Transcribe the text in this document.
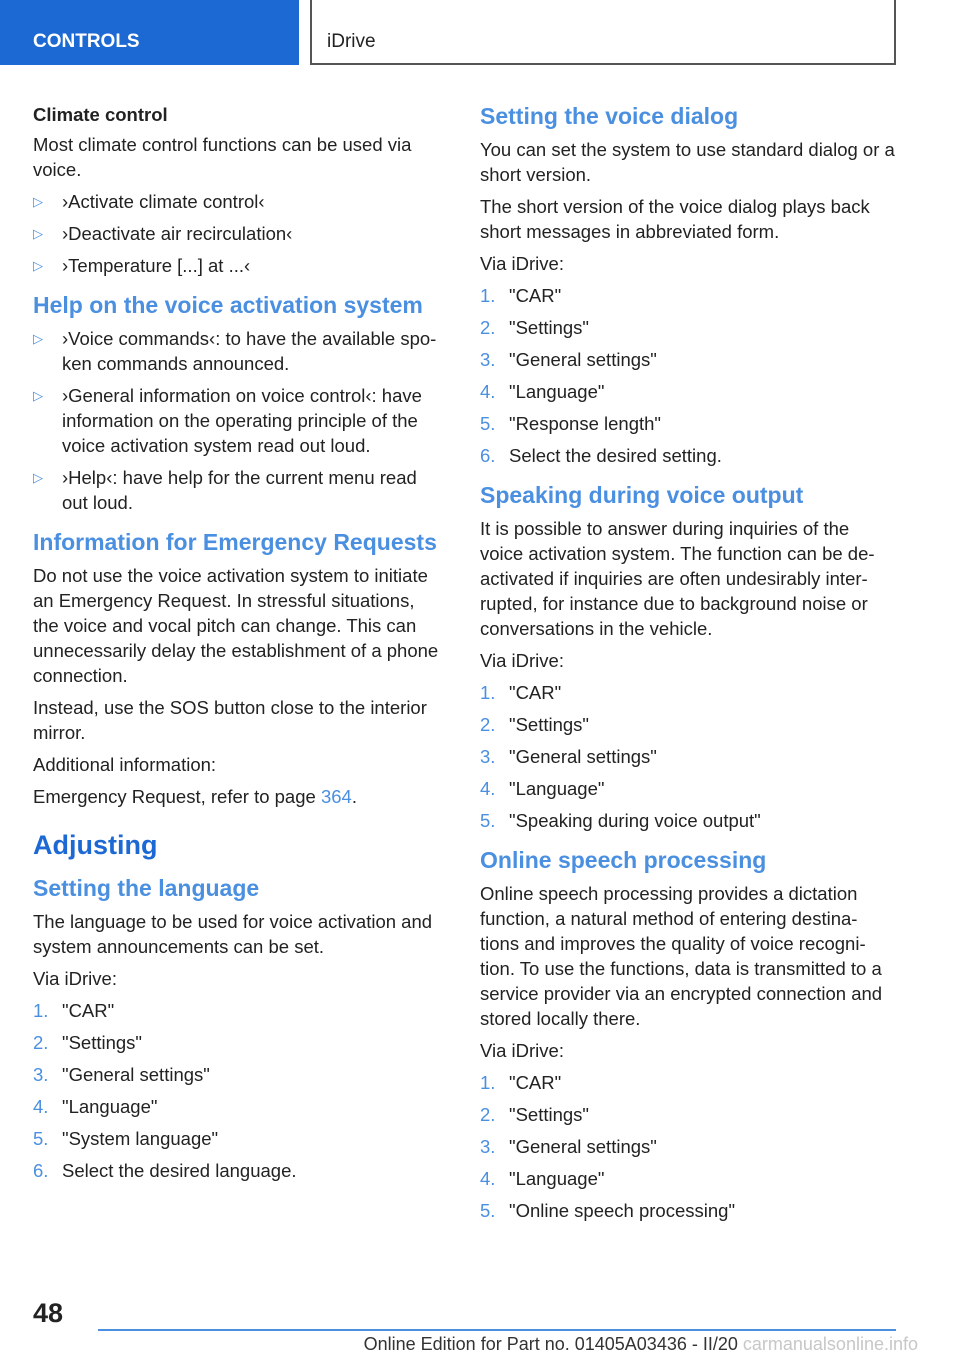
CONTROLS	iDrive

Climate control

Most climate control functions can be used via voice.

▷ ›Activate climate control‹
▷ ›Deactivate air recirculation‹
▷ ›Temperature [...] at ...‹
Help on the voice activation system
▷ ›Voice commands‹: to have the available spo-ken commands announced.
▷ ›General information on voice control‹: have information on the operating principle of the voice activation system read out loud.
▷ ›Help‹: have help for the current menu read out loud.
Information for Emergency Requests

Do not use the voice activation system to initiate an Emergency Request. In stressful situations, the voice and vocal pitch can change. This can unnecessarily delay the establishment of a phone connection.

Instead, use the SOS button close to the interior mirror.

Additional information:

Emergency Request, refer to page 364.

Adjusting
Setting the language

The language to be used for voice activation and system announcements can be set.

Via iDrive:

1. "CAR"
2. "Settings"
3. "General settings"
4. "Language"
5. "System language"
6. Select the desired language.
Setting the voice dialog

You can set the system to use standard dialog or a short version.

The short version of the voice dialog plays back short messages in abbreviated form.

Via iDrive:

1. "CAR"
2. "Settings"
3. "General settings"
4. "Language"
5. "Response length"
6. Select the desired setting.
Speaking during voice output

It is possible to answer during inquiries of the voice activation system. The function can be de-activated if inquiries are often undesirably inter-rupted, for instance due to background noise or conversations in the vehicle.

Via iDrive:

1. "CAR"
2. "Settings"
3. "General settings"
4. "Language"
5. "Speaking during voice output"
Online speech processing

Online speech processing provides a dictation function, a natural method of entering destina-tions and improves the quality of voice recogni-tion. To use the functions, data is transmitted to a service provider via an encrypted connection and stored locally there.

Via iDrive:

1. "CAR"
2. "Settings"
3. "General settings"
4. "Language"
5. "Online speech processing"
48
Online Edition for Part no. 01405A03436 - II/20 carmanualsonline.info
